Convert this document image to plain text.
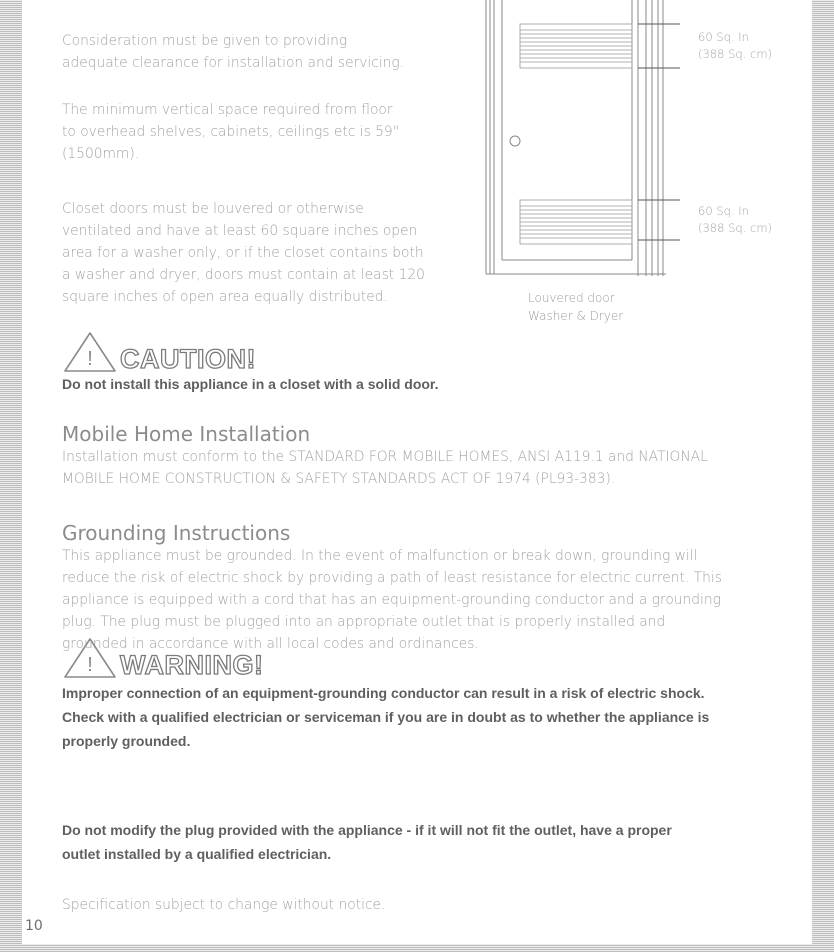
Consideration must be given to providing
adequate clearance for installation and servicing.

The minimum vertical space required from floor
to overhead shelves, cabinets, ceilings etc is 59"
(1500mm).

Closet doors must be louvered or otherwise
ventilated and have at least 60 square inches open
area for a washer only, or if the closet contains both
a washer and dryer, doors must contain at least 120
square inches of open area equally distributed.

60 Sq. In
(388 Sq. cm)
60 Sq. In
(388 Sq. cm)
Louvered door
Washer & Dryer
! CAUTION!

Do not install this appliance in a closet with a solid door.

Mobile Home Installation

Installation must conform to the STANDARD FOR MOBILE HOMES, ANSI A119.1 and NATIONAL
MOBILE HOME CONSTRUCTION & SAFETY STANDARDS ACT OF 1974 (PL93-383).

Grounding Instructions

This appliance must be grounded. In the event of malfunction or break down, grounding will
reduce the risk of electric shock by providing a path of least resistance for electric current. This
appliance is equipped with a cord that has an equipment-grounding conductor and a grounding
plug. The plug must be plugged into an appropriate outlet that is properly installed and
grounded in accordance with all local codes and ordinances.

! WARNING!

Improper connection of an equipment-grounding conductor can result in a risk of electric shock.
Check with a qualified electrician or serviceman if you are in doubt as to whether the appliance is
properly grounded.

Do not modify the plug provided with the appliance - if it will not fit the outlet, have a proper
outlet installed by a qualified electrician.

Specification subject to change without notice.

10
